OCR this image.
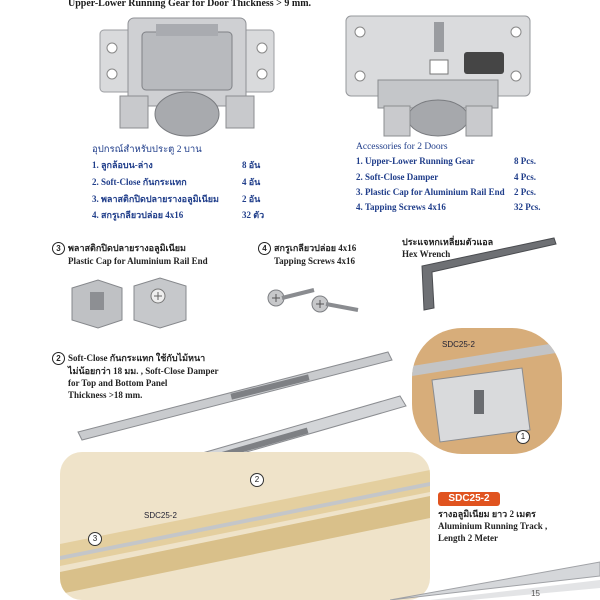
Upper-Lower Running Gear for Door Thickness > 9 mm.
อุปกรณ์สำหรับประตู 2 บาน
1. ลูกล้อบน-ล่าง	8 อัน
2. Soft-Close กันกระแทก	4 อัน
3. พลาสติกปิดปลายรางอลูมิเนียม	2 อัน
4. สกรูเกลียวปล่อย 4x16	32 ตัว
Accessories for 2 Doors
1. Upper-Lower Running Gear	8 Pcs.
2. Soft-Close Damper	4 Pcs.
3. Plastic Cap for Aluminium Rail End 2 Pcs.
4. Tapping Screws 4x16	32 Pcs.
3 พลาสติกปิดปลายรางอลูมิเนียม
Plastic Cap for Aluminium Rail End
4 สกรูเกลียวปล่อย 4x16
Tapping Screws 4x16
ประแจหกเหลี่ยมตัวแอล
Hex Wrench
2 Soft-Close กันกระแทก ใช้กับไม้หนา
ไม่น้อยกว่า 18 มม. , Soft-Close Damper
for Top and Bottom Panel
Thickness >18 mm.
SDC25-2
1
SDC25-2
2
3
SDC25-2
รางอลูมิเนียม ยาว 2 เมตร
Aluminium Running Track ,
Length 2 Meter
15
